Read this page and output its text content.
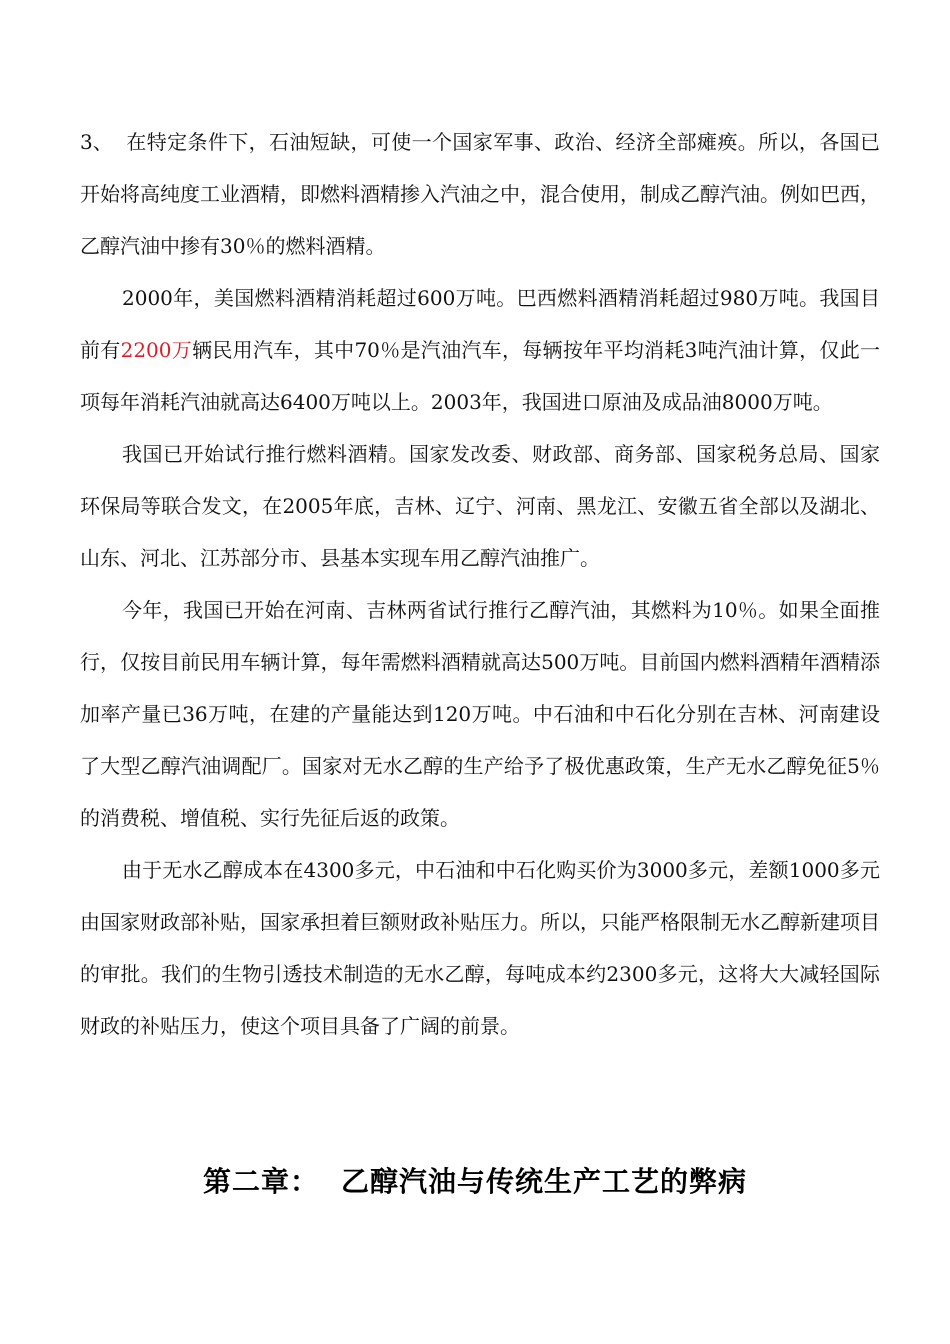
3、 在特定条件下，石油短缺，可使一个国家军事、政治、经济全部瘫痪。所以，各国已开始将高纯度工业酒精，即燃料酒精掺入汽油之中，混合使用，制成乙醇汽油。例如巴西，乙醇汽油中掺有30％的燃料酒精。

2000年，美国燃料酒精消耗超过600万吨。巴西燃料酒精消耗超过980万吨。我国目前有2200万辆民用汽车，其中70％是汽油汽车，每辆按年平均消耗3吨汽油计算，仅此一项每年消耗汽油就高达6400万吨以上。2003年，我国进口原油及成品油8000万吨。

我国已开始试行推行燃料酒精。国家发改委、财政部、商务部、国家税务总局、国家环保局等联合发文，在2005年底，吉林、辽宁、河南、黑龙江、安徽五省全部以及湖北、山东、河北、江苏部分市、县基本实现车用乙醇汽油推广。

今年，我国已开始在河南、吉林两省试行推行乙醇汽油，其燃料为10％。如果全面推行，仅按目前民用车辆计算，每年需燃料酒精就高达500万吨。目前国内燃料酒精年酒精添加率产量已36万吨，在建的产量能达到120万吨。中石油和中石化分别在吉林、河南建设了大型乙醇汽油调配厂。国家对无水乙醇的生产给予了极优惠政策，生产无水乙醇免征5％的消费税、增值税、实行先征后返的政策。

由于无水乙醇成本在4300多元，中石油和中石化购买价为3000多元，差额1000多元由国家财政部补贴，国家承担着巨额财政补贴压力。所以，只能严格限制无水乙醇新建项目的审批。我们的生物引透技术制造的无水乙醇，每吨成本约2300多元，这将大大减轻国际财政的补贴压力，使这个项目具备了广阔的前景。

第二章： 乙醇汽油与传统生产工艺的弊病
